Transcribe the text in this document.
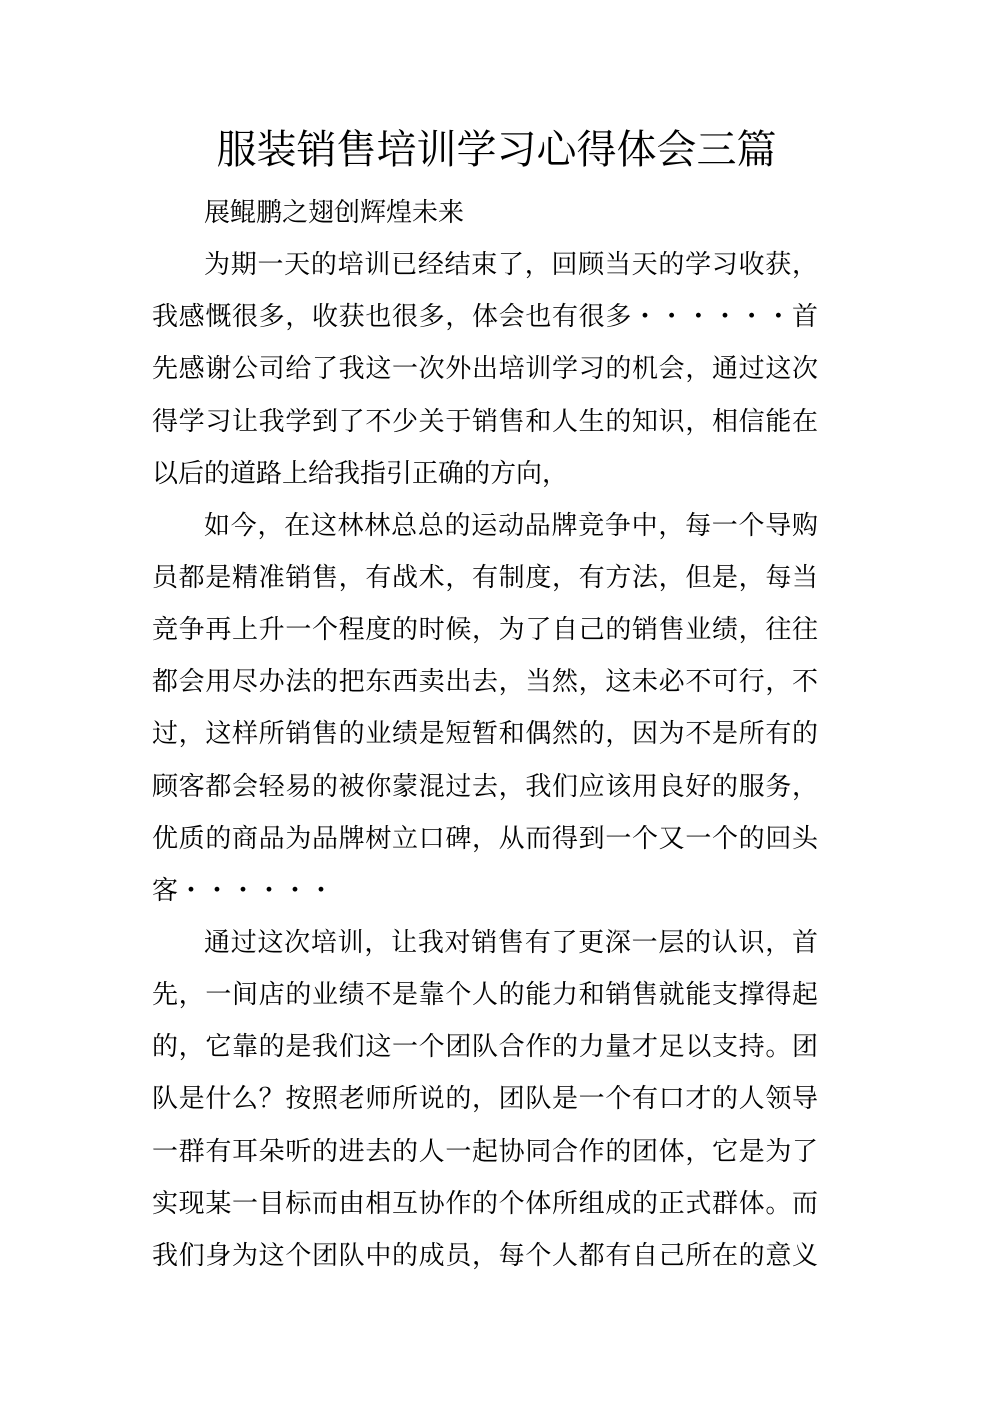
服装销售培训学习心得体会三篇
展鲲鹏之翅创辉煌未来
为期一天的培训已经结束了，回顾当天的学习收获，
我感慨很多，收获也很多，体会也有很多・・・・・・首
先感谢公司给了我这一次外出培训学习的机会，通过这次
得学习让我学到了不少关于销售和人生的知识，相信能在
以后的道路上给我指引正确的方向，
如今，在这林林总总的运动品牌竞争中，每一个导购
员都是精准销售，有战术，有制度，有方法，但是，每当
竞争再上升一个程度的时候，为了自己的销售业绩，往往
都会用尽办法的把东西卖出去，当然，这未必不可行，不
过，这样所销售的业绩是短暂和偶然的，因为不是所有的
顾客都会轻易的被你蒙混过去，我们应该用良好的服务，
优质的商品为品牌树立口碑，从而得到一个又一个的回头
客・・・・・・
通过这次培训，让我对销售有了更深一层的认识，首
先，一间店的业绩不是靠个人的能力和销售就能支撑得起
的，它靠的是我们这一个团队合作的力量才足以支持。团
队是什么？按照老师所说的，团队是一个有口才的人领导
一群有耳朵听的进去的人一起协同合作的团体，它是为了
实现某一目标而由相互协作的个体所组成的正式群体。而
我们身为这个团队中的成员，每个人都有自己所在的意义
